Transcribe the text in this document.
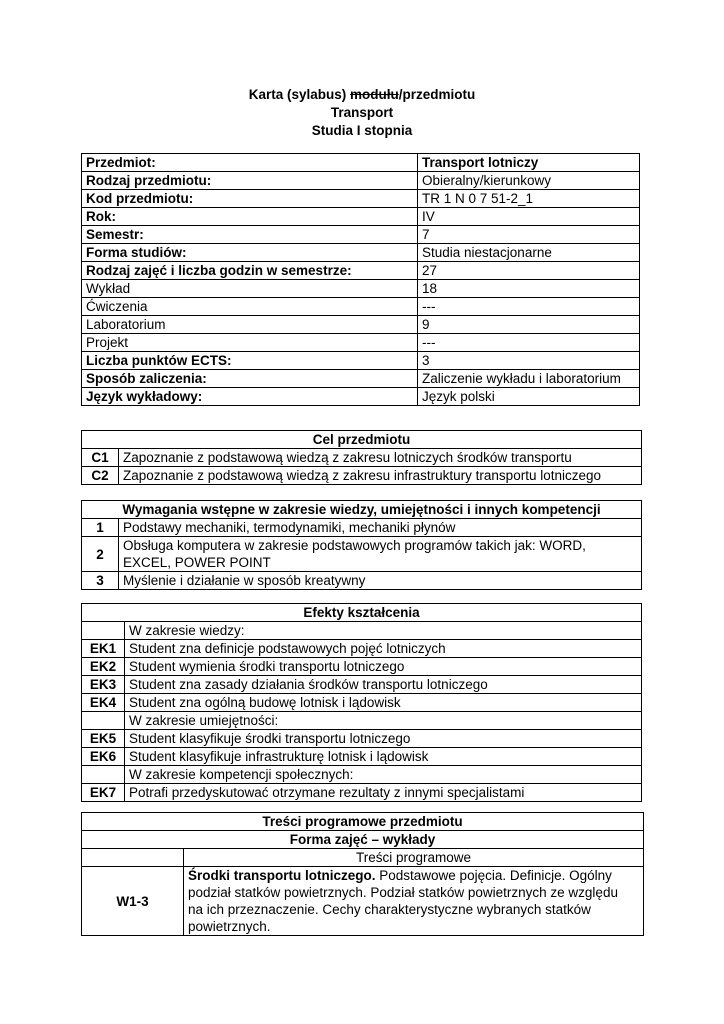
Karta (sylabus) modułu/przedmiotu
Transport
Studia I stopnia
Przedmiot:	Transport lotniczy
Rodzaj przedmiotu:	Obieralny/kierunkowy
Kod przedmiotu:	TR 1 N 0 7 51-2_1
Rok:	IV
Semestr:	7
Forma studiów:	Studia niestacjonarne
Rodzaj zajęć i liczba godzin w semestrze:	27
Wykład	18
Ćwiczenia	---
Laboratorium	9
Projekt	---
Liczba punktów ECTS:	3
Sposób zaliczenia:	Zaliczenie wykładu i laboratorium
Język wykładowy:	Język polski
Cel przedmiotu	
C1	Zapoznanie z podstawową wiedzą z zakresu lotniczych środków transportu
C2	Zapoznanie z podstawową wiedzą z zakresu infrastruktury transportu lotniczego
Wymagania wstępne w zakresie wiedzy, umiejętności i innych kompetencji	
1	Podstawy mechaniki, termodynamiki, mechaniki płynów
2	Obsługa komputera w zakresie podstawowych programów takich jak: WORD, EXCEL, POWER POINT
3	Myślenie i działanie w sposób kreatywny
Efekty kształcenia	
	W zakresie wiedzy:
EK1	Student zna definicje podstawowych pojęć lotniczych
EK2	Student wymienia środki transportu lotniczego
EK3	Student zna zasady działania środków transportu lotniczego
EK4	Student zna ogólną budowę lotnisk i lądowisk
	W zakresie umiejętności:
EK5	Student klasyfikuje środki transportu lotniczego
EK6	Student klasyfikuje infrastrukturę lotnisk i lądowisk
	W zakresie kompetencji społecznych:
EK7	Potrafi przedyskutować otrzymane rezultaty z innymi specjalistami
Treści programowe przedmiotu	
Forma zajęć – wykłady	
	Treści programowe
W1-3	Środki transportu lotniczego. Podstawowe pojęcia. Definicje. Ogólny podział statków powietrznych. Podział statków powietrznych ze względu na ich przeznaczenie. Cechy charakterystyczne wybranych statków powietrznych.
